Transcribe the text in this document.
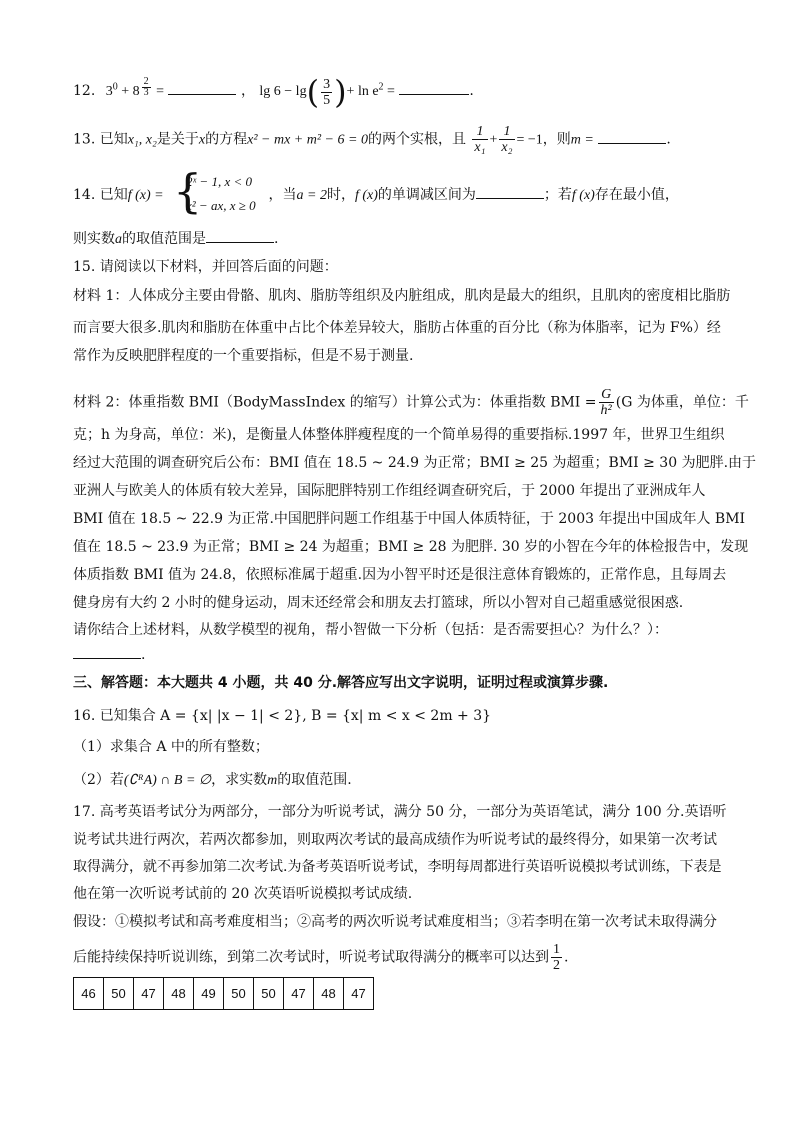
12. $3^0 + 8$ $^{\frac{2}{3}}$ =	， $\lg 6 - \lg( \frac{3}{5}$ )+ $\ln e^2$ =	.
13. 已知x₁, x₂是关于x的方程x² − mx + m² − 6 = 0的两个实根，且 $\frac{1}{\text{x₁}} + \frac{1}{\text{x₂}} = -1$，则m =	.
14. 已知f (x) =	，当a = 2时，f (x)的单调减区间为	；若f (x)存在最小值，
{
2ˣ − 1, x < 0
x² − ax, x ≥ 0
则实数a的取值范围是	.
15. 请阅读以下材料，并回答后面的问题：
材料 1：人体成分主要由骨骼、肌肉、脂肪等组织及内脏组成，肌肉是最大的组织，且肌肉的密度相比脂肪
而言要大很多.肌肉和脂肪在体重中占比个体差异较大，脂肪占体重的百分比（称为体脂率，记为 F%）经
常作为反映肥胖程度的一个重要指标，但是不易于测量.
材料 2：体重指数 BMI（BodyMassIndex 的缩写）计算公式为：体重指数 BMI = $\frac{G}{\text{h²}} (G$ 为体重，单位：千
克；h 为身高，单位：米)，是衡量人体整体胖瘦程度的一个简单易得的重要指标.1997 年，世界卫生组织
经过大范围的调查研究后公布：BMI 值在 18.5 ~ 24.9 为正常；BMI ≥ 25 为超重；BMI ≥ 30 为肥胖.由于
亚洲人与欧美人的体质有较大差异，国际肥胖特别工作组经调查研究后，于 2000 年提出了亚洲成年人
BMI 值在 18.5 ~ 22.9 为正常.中国肥胖问题工作组基于中国人体质特征，于 2003 年提出中国成年人 BMI
值在 18.5 ~ 23.9 为正常；BMI ≥ 24 为超重；BMI ≥ 28 为肥胖. 30 岁的小智在今年的体检报告中，发现
体质指数 BMI 值为 24.8，依照标准属于超重.因为小智平时还是很注意体育锻炼的，正常作息，且每周去
健身房有大约 2 小时的健身运动，周末还经常会和朋友去打篮球，所以小智对自己超重感觉很困惑.
请你结合上述材料，从数学模型的视角，帮小智做一下分析（包括：是否需要担心？为什么？）：
.
三、解答题：本大题共 4 小题，共 40 分.解答应写出文字说明，证明过程或演算步骤.
16. 已知集合 A = {x| |x − 1| < 2}, B = {x| m < x < 2m + 3}
（1）求集合 A 中的所有整数；
（2）若(∁ᴿA) ∩ B = ∅，求实数m的取值范围.
17. 高考英语考试分为两部分，一部分为听说考试，满分 50 分，一部分为英语笔试，满分 100 分.英语听
说考试共进行两次，若两次都参加，则取两次考试的最高成绩作为听说考试的最终得分，如果第一次考试
取得满分，就不再参加第二次考试.为备考英语听说考试，李明每周都进行英语听说模拟考试训练，下表是
他在第一次听说考试前的 20 次英语听说模拟考试成绩.
假设：①模拟考试和高考难度相当；②高考的两次听说考试难度相当；③若李明在第一次考试未取得满分
后能持续保持听说训练，到第二次考试时，听说考试取得满分的概率可以达到 $\frac{1}{2}$ .
46	50	47	48	49	50	50	47	48	47
